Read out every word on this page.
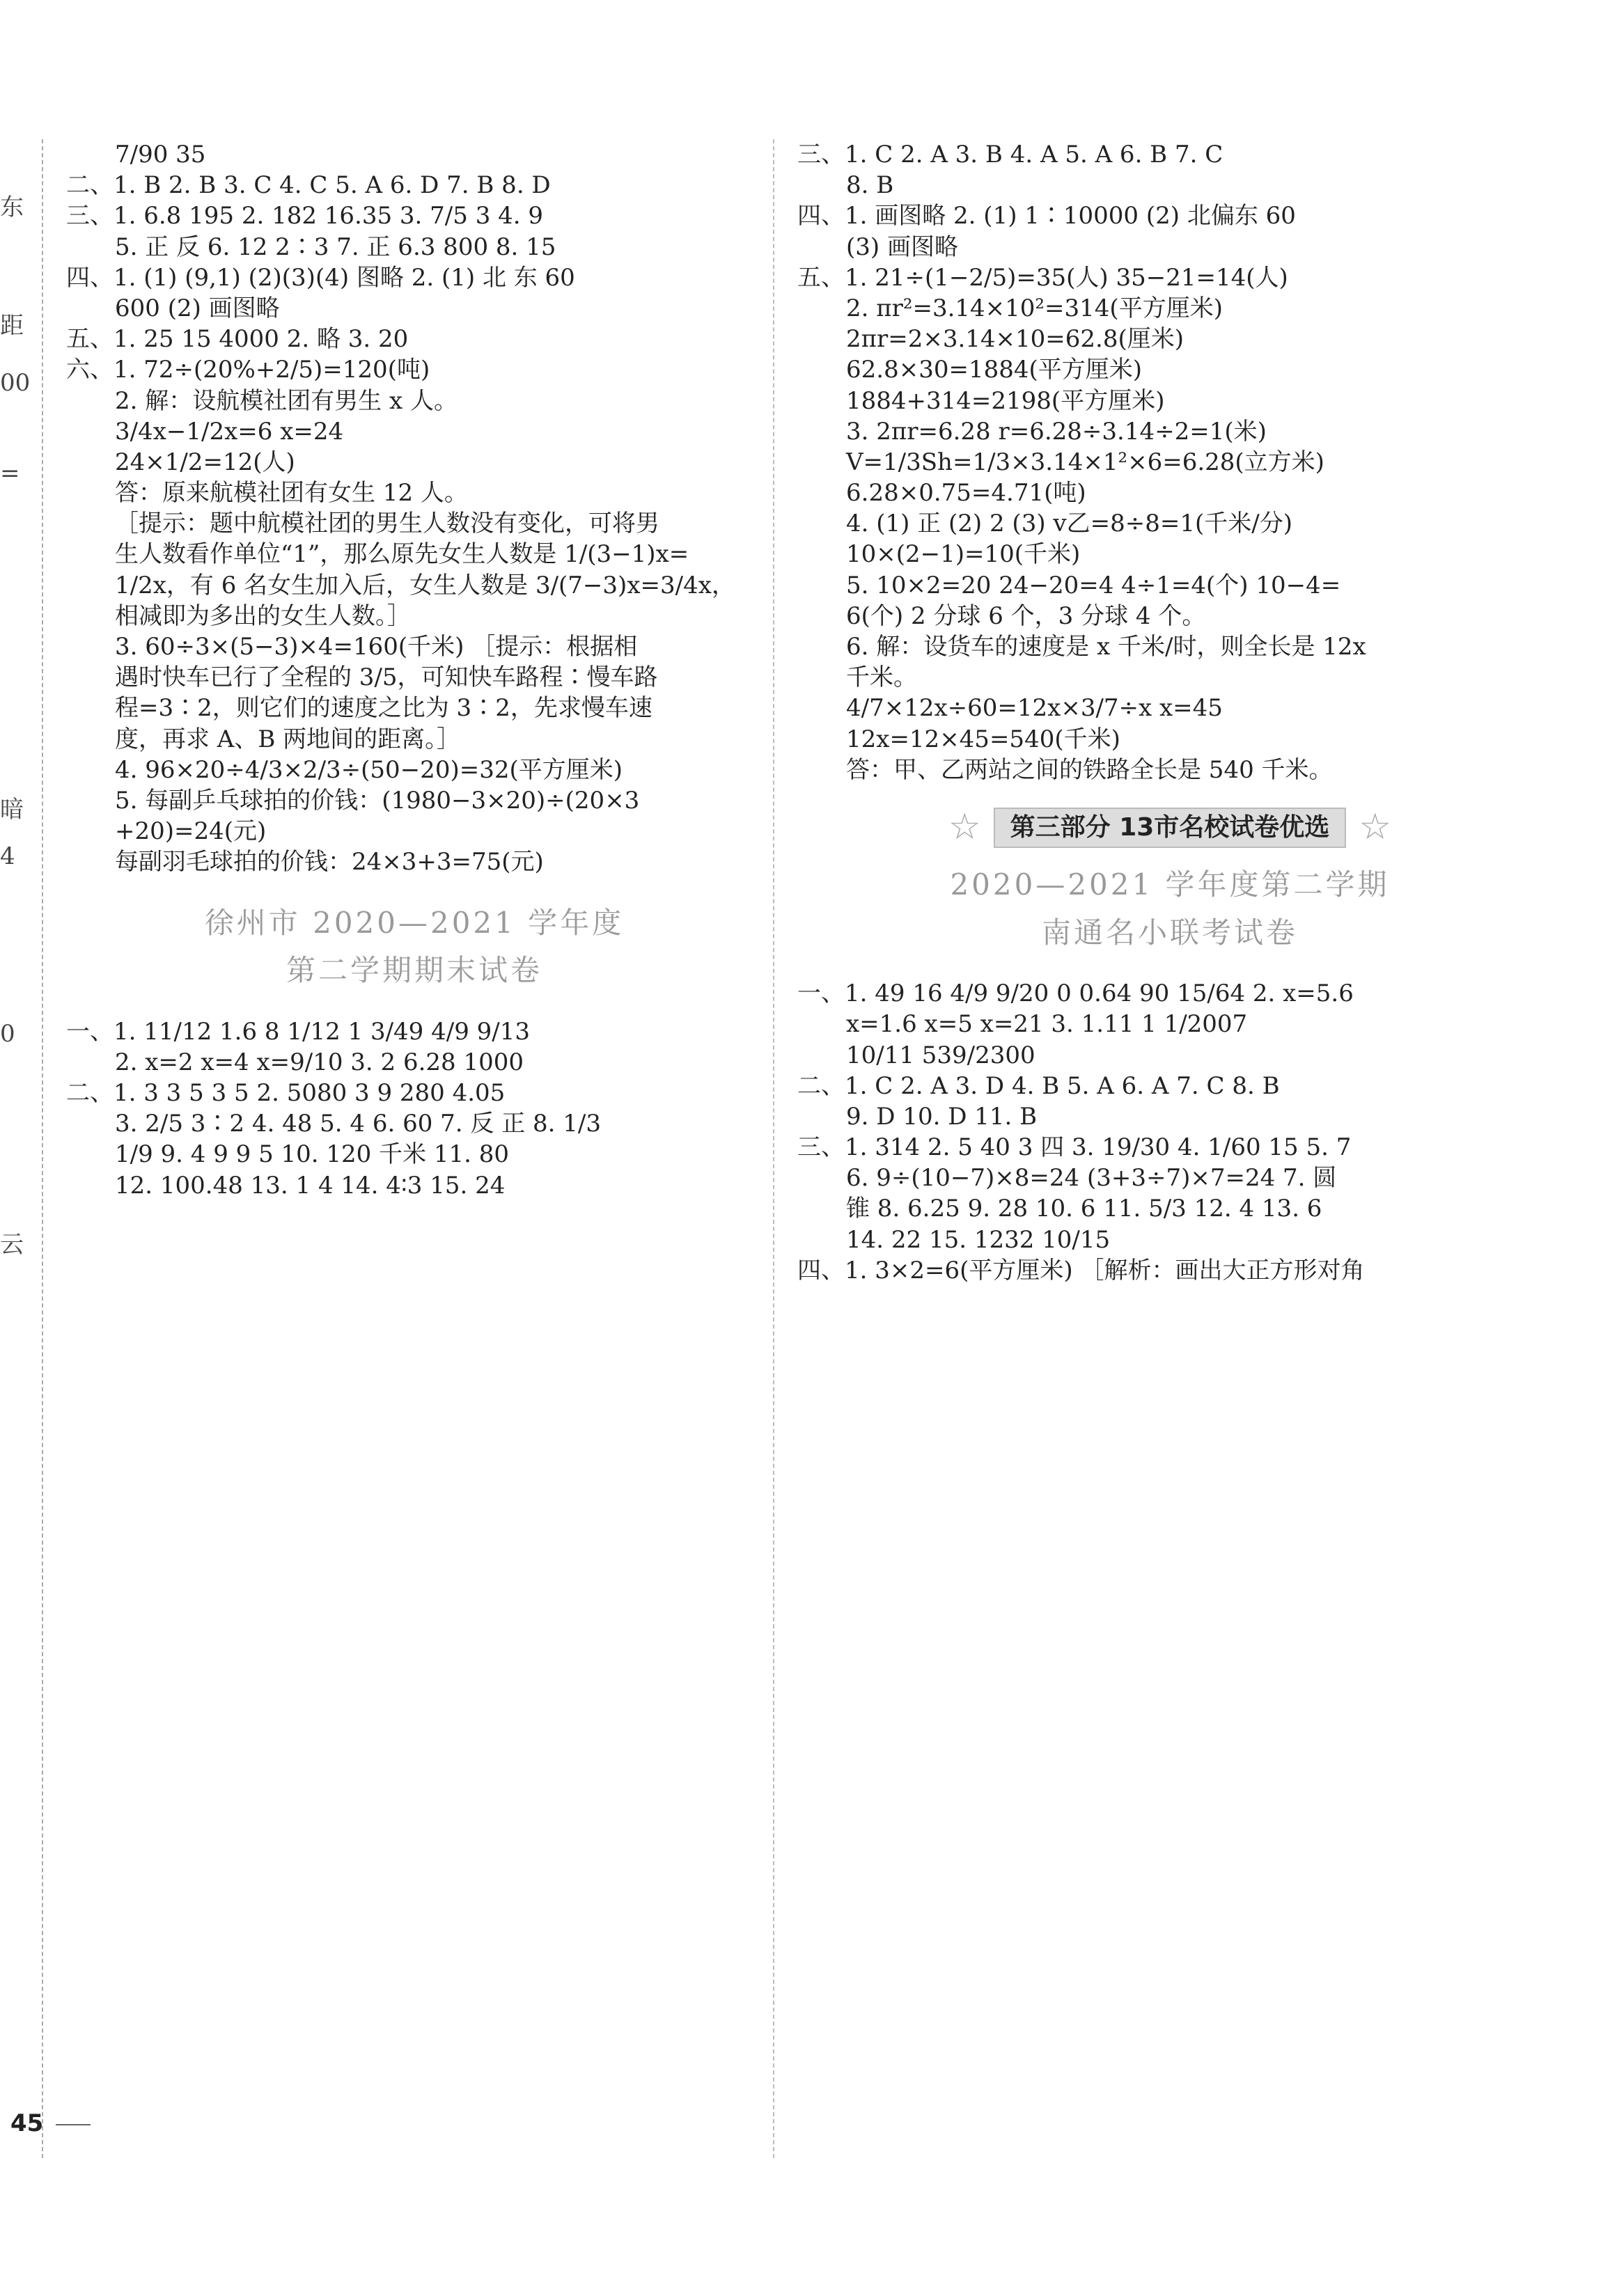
东
距
00
=
暗
4
0
云

7/90 35

二、1. B 2. B 3. C 4. C 5. A 6. D 7. B 8. D

三、1. 6.8 195 2. 182 16.35 3. 7/5 3 4. 9

5. 正 反 6. 12 2∶3 7. 正 6.3 800 8. 15

四、1. (1) (9,1) (2)(3)(4) 图略 2. (1) 北 东 60

600 (2) 画图略

五、1. 25 15 4000 2. 略 3. 20

六、1. 72÷(20%+2/5)=120(吨)

2. 解：设航模社团有男生 x 人。

3/4x−1/2x=6 x=24

24×1/2=12(人)

答：原来航模社团有女生 12 人。

［提示：题中航模社团的男生人数没有变化，可将男

生人数看作单位“1”，那么原先女生人数是 1/(3−1)x=

1/2x，有 6 名女生加入后，女生人数是 3/(7−3)x=3/4x，

相减即为多出的女生人数。］

3. 60÷3×(5−3)×4=160(千米) ［提示：根据相

遇时快车已行了全程的 3/5，可知快车路程∶慢车路

程=3∶2，则它们的速度之比为 3∶2，先求慢车速

度，再求 A、B 两地间的距离。］

4. 96×20÷4/3×2/3÷(50−20)=32(平方厘米)

5. 每副乒乓球拍的价钱：(1980−3×20)÷(20×3

+20)=24(元)

每副羽毛球拍的价钱：24×3+3=75(元)

徐州市 2020—2021 学年度
第二学期期末试卷

一、1. 11/12 1.6 8 1/12 1 3/49 4/9 9/13

2. x=2 x=4 x=9/10 3. 2 6.28 1000

二、1. 3 3 5 3 5 2. 5080 3 9 280 4.05

3. 2/5 3∶2 4. 48 5. 4 6. 60 7. 反 正 8. 1/3

1/9 9. 4 9 9 5 10. 120 千米 11. 80

12. 100.48 13. 1 4 14. 4∶3 15. 24

三、1. C 2. A 3. B 4. A 5. A 6. B 7. C

8. B

四、1. 画图略 2. (1) 1∶10000 (2) 北偏东 60

(3) 画图略

五、1. 21÷(1−2/5)=35(人) 35−21=14(人)

2. πr²=3.14×10²=314(平方厘米)

2πr=2×3.14×10=62.8(厘米)

62.8×30=1884(平方厘米)

1884+314=2198(平方厘米)

3. 2πr=6.28 r=6.28÷3.14÷2=1(米)

V=1/3Sh=1/3×3.14×1²×6=6.28(立方米)

6.28×0.75=4.71(吨)

4. (1) 正 (2) 2 (3) v乙=8÷8=1(千米/分)

10×(2−1)=10(千米)

5. 10×2=20 24−20=4 4÷1=4(个) 10−4=

6(个) 2 分球 6 个，3 分球 4 个。

6. 解：设货车的速度是 x 千米/时，则全长是 12x

千米。

4/7×12x÷60=12x×3/7÷x x=45

12x=12×45=540(千米)

答：甲、乙两站之间的铁路全长是 540 千米。

☆	第三部分 13市名校试卷优选 ☆
2020—2021 学年度第二学期
南通名小联考试卷

一、1. 49 16 4/9 9/20 0 0.64 90 15/64 2. x=5.6

x=1.6 x=5 x=21 3. 1.11 1 1/2007

10/11 539/2300

二、1. C 2. A 3. D 4. B 5. A 6. A 7. C 8. B

9. D 10. D 11. B

三、1. 314 2. 5 40 3 四 3. 19/30 4. 1/60 15 5. 7

6. 9÷(10−7)×8=24 (3+3÷7)×7=24 7. 圆

锥 8. 6.25 9. 28 10. 6 11. 5/3 12. 4 13. 6

14. 22 15. 1232 10/15

四、1. 3×2=6(平方厘米) ［解析：画出大正方形对角

45
